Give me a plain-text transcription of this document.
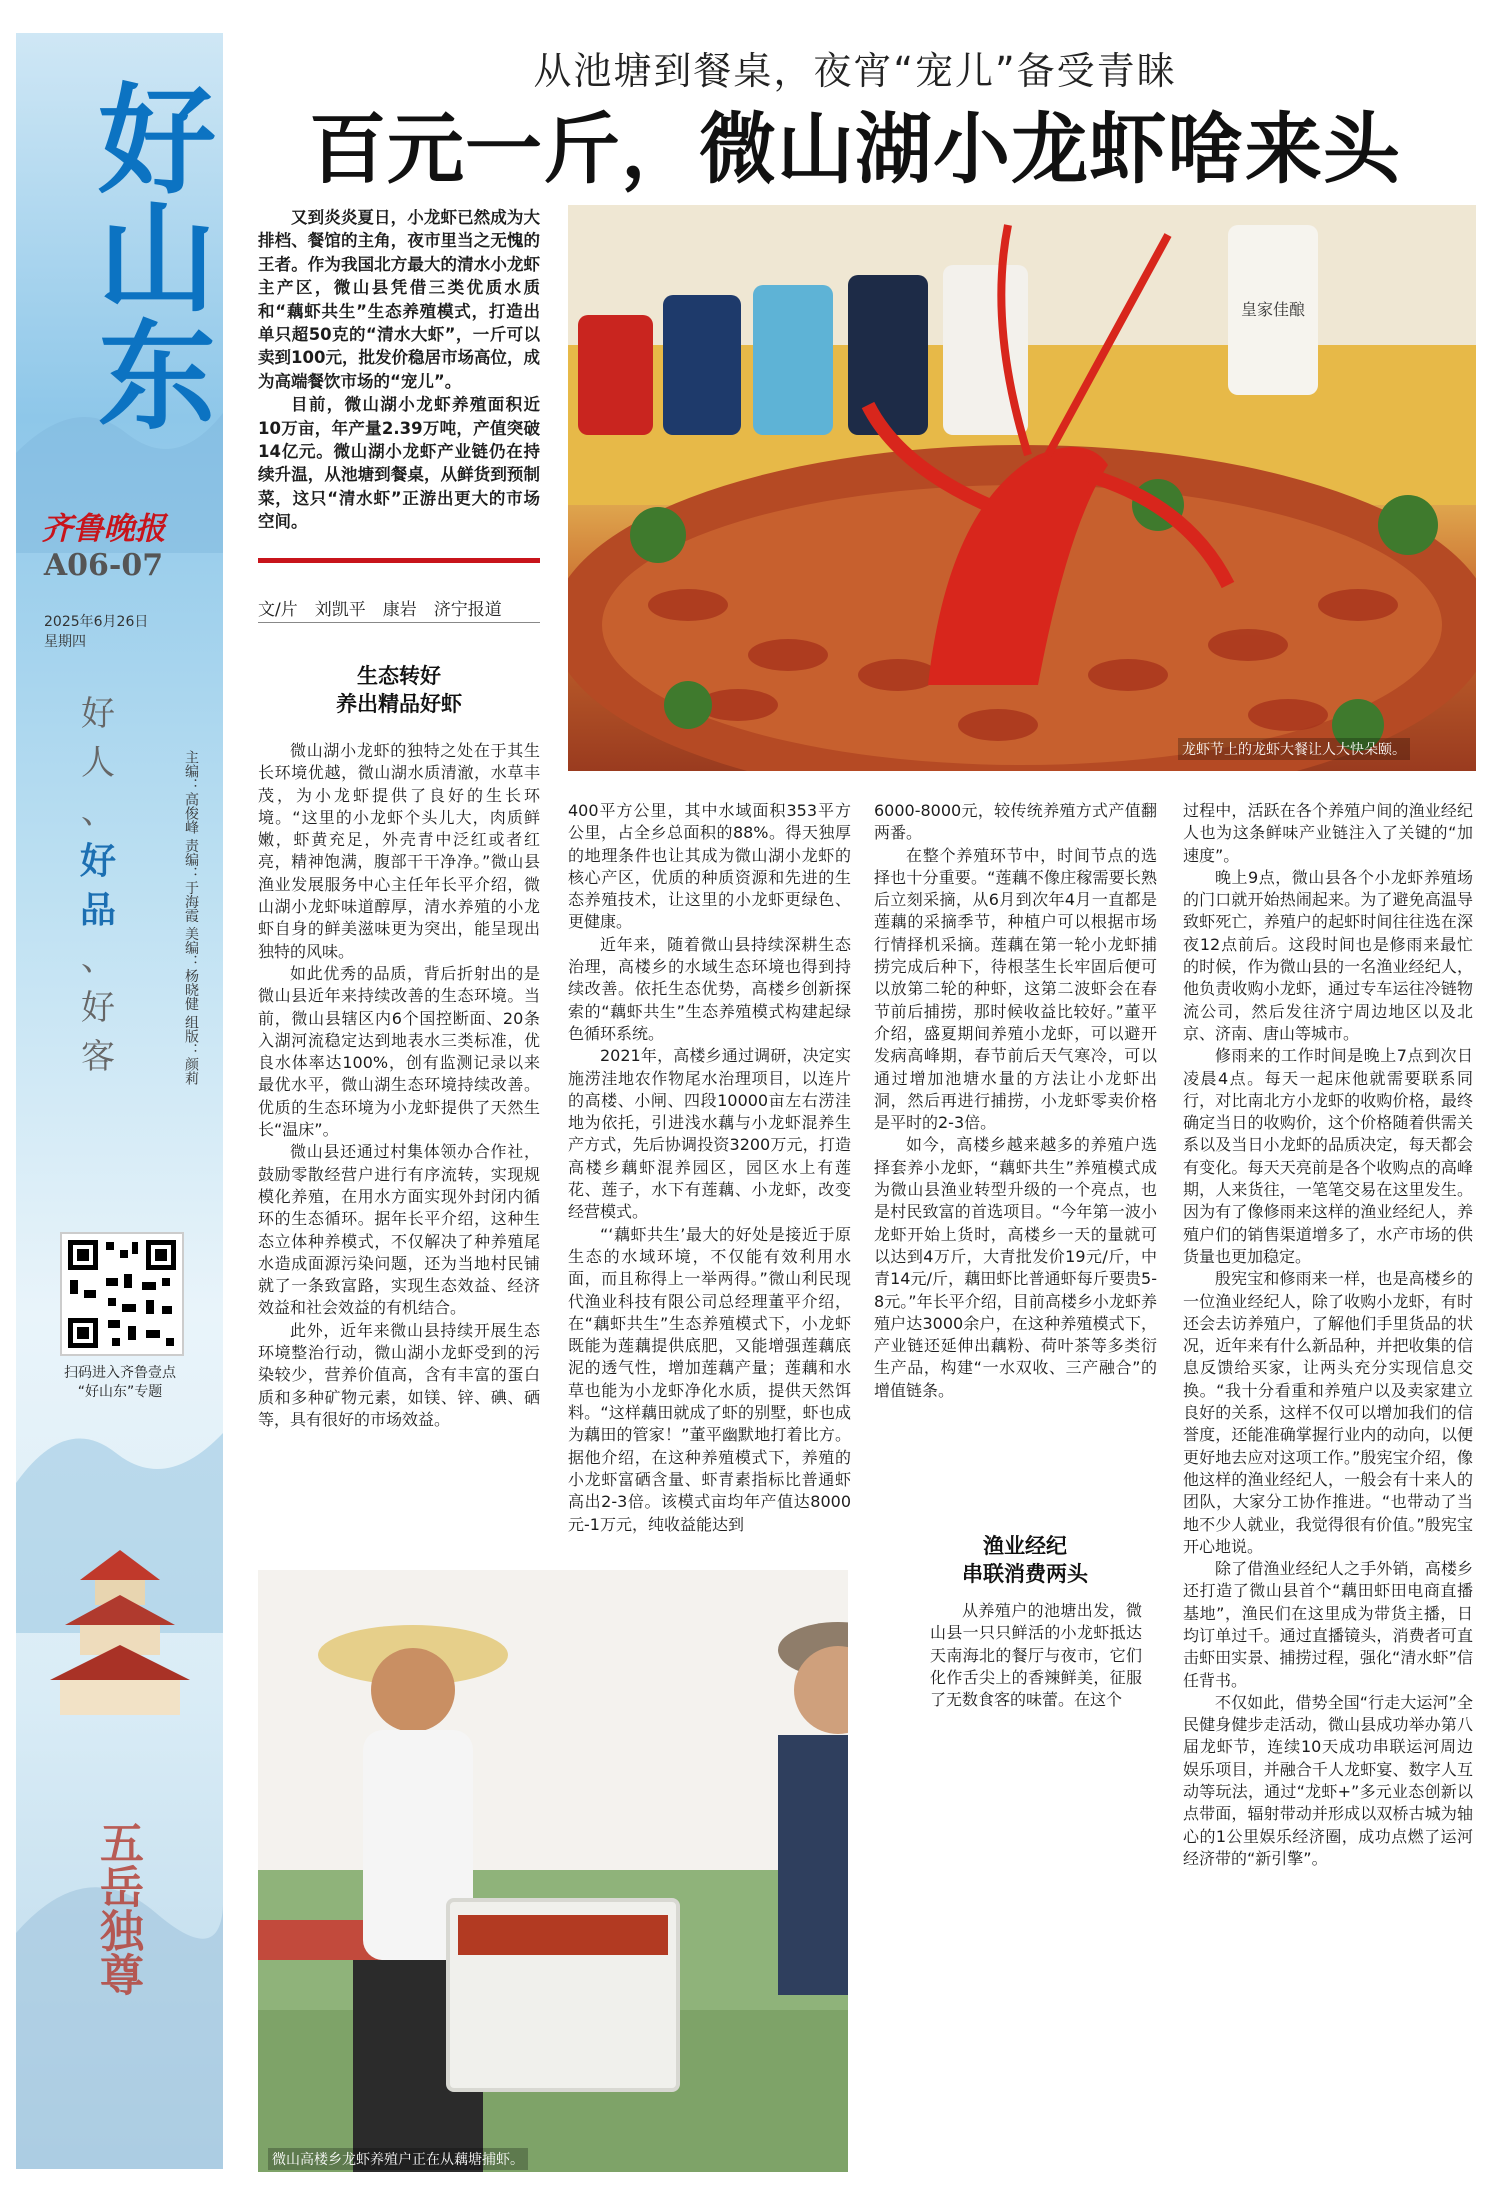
好山东
齐鲁晚报
A06-07
2025年6月26日
星期四
好
人
、
好
品
、
好
客	主编：高俊峰 责编：于海霞 美编：杨晓健 组版：颜莉
扫码进入齐鲁壹点
“好山东”专题
五岳独尊
从池塘到餐桌，夜宵“宠儿”备受青睐
百元一斤，微山湖小龙虾啥来头

又到炎炎夏日，小龙虾已然成为大排档、餐馆的主角，夜市里当之无愧的王者。作为我国北方最大的清水小龙虾主产区，微山县凭借三类优质水质和“藕虾共生”生态养殖模式，打造出单只超50克的“清水大虾”，一斤可以卖到100元，批发价稳居市场高位，成为高端餐饮市场的“宠儿”。

目前，微山湖小龙虾养殖面积近10万亩，年产量2.39万吨，产值突破14亿元。微山湖小龙虾产业链仍在持续升温，从池塘到餐桌，从鲜货到预制菜，这只“清水虾”正游出更大的市场空间。

文/片　刘凯平　康岩　济宁报道
皇家佳酿
龙虾节上的龙虾大餐让人大快朵颐。
生态转好
养出精品好虾

微山湖小龙虾的独特之处在于其生长环境优越，微山湖水质清澈，水草丰茂，为小龙虾提供了良好的生长环境。“这里的小龙虾个头儿大，肉质鲜嫩，虾黄充足，外壳青中泛红或者红亮，精神饱满，腹部干干净净。”微山县渔业发展服务中心主任年长平介绍，微山湖小龙虾味道醇厚，清水养殖的小龙虾自身的鲜美滋味更为突出，能呈现出独特的风味。

如此优秀的品质，背后折射出的是微山县近年来持续改善的生态环境。当前，微山县辖区内6个国控断面、20条入湖河流稳定达到地表水三类标准，优良水体率达100%，创有监测记录以来最优水平，微山湖生态环境持续改善。优质的生态环境为小龙虾提供了天然生长“温床”。

微山县还通过村集体领办合作社，鼓励零散经营户进行有序流转，实现规模化养殖，在用水方面实现外封闭内循环的生态循环。据年长平介绍，这种生态立体种养模式，不仅解决了种养殖尾水造成面源污染问题，还为当地村民铺就了一条致富路，实现生态效益、经济效益和社会效益的有机结合。

此外，近年来微山县持续开展生态环境整治行动，微山湖小龙虾受到的污染较少，营养价值高，含有丰富的蛋白质和多种矿物元素，如镁、锌、碘、硒等，具有很好的市场效益。

400平方公里，其中水域面积353平方公里，占全乡总面积的88%。得天独厚的地理条件也让其成为微山湖小龙虾的核心产区，优质的种质资源和先进的生态养殖技术，让这里的小龙虾更绿色、更健康。

近年来，随着微山县持续深耕生态治理，高楼乡的水域生态环境也得到持续改善。依托生态优势，高楼乡创新探索的“藕虾共生”生态养殖模式构建起绿色循环系统。

2021年，高楼乡通过调研，决定实施涝洼地农作物尾水治理项目，以连片的高楼、小闸、四段10000亩左右涝洼地为依托，引进浅水藕与小龙虾混养生产方式，先后协调投资3200万元，打造高楼乡藕虾混养园区，园区水上有莲花、莲子，水下有莲藕、小龙虾，改变经营模式。

“‘藕虾共生’最大的好处是接近于原生态的水域环境，不仅能有效利用水面，而且称得上一举两得。”微山利民现代渔业科技有限公司总经理董平介绍，在“藕虾共生”生态养殖模式下，小龙虾既能为莲藕提供底肥，又能增强莲藕底泥的透气性，增加莲藕产量；莲藕和水草也能为小龙虾净化水质，提供天然饵料。“这样藕田就成了虾的别墅，虾也成为藕田的管家！”董平幽默地打着比方。据他介绍，在这种养殖模式下，养殖的小龙虾富硒含量、虾青素指标比普通虾高出2-3倍。该模式亩均年产值达8000元-1万元，纯收益能达到

6000-8000元，较传统养殖方式产值翻两番。

在整个养殖环节中，时间节点的选择也十分重要。“莲藕不像庄稼需要长熟后立刻采摘，从6月到次年4月一直都是莲藕的采摘季节，种植户可以根据市场行情择机采摘。莲藕在第一轮小龙虾捕捞完成后种下，待根茎生长牢固后便可以放第二轮的种虾，这第二波虾会在春节前后捕捞，那时候收益比较好。”董平介绍，盛夏期间养殖小龙虾，可以避开发病高峰期，春节前后天气寒冷，可以通过增加池塘水量的方法让小龙虾出洞，然后再进行捕捞，小龙虾零卖价格是平时的2-3倍。

如今，高楼乡越来越多的养殖户选择套养小龙虾，“藕虾共生”养殖模式成为微山县渔业转型升级的一个亮点，也是村民致富的首选项目。“今年第一波小龙虾开始上货时，高楼乡一天的量就可以达到4万斤，大青批发价19元/斤，中青14元/斤，藕田虾比普通虾每斤要贵5-8元。”年长平介绍，目前高楼乡小龙虾养殖户达3000余户，在这种养殖模式下，产业链还延伸出藕粉、荷叶茶等多类衍生产品，构建“一水双收、三产融合”的增值链条。

渔业经纪
串联消费两头

从养殖户的池塘出发，微山县一只只鲜活的小龙虾抵达天南海北的餐厅与夜市，它们化作舌尖上的香辣鲜美，征服了无数食客的味蕾。在这个

过程中，活跃在各个养殖户间的渔业经纪人也为这条鲜味产业链注入了关键的“加速度”。

晚上9点，微山县各个小龙虾养殖场的门口就开始热闹起来。为了避免高温导致虾死亡，养殖户的起虾时间往往选在深夜12点前后。这段时间也是修雨来最忙的时候，作为微山县的一名渔业经纪人，他负责收购小龙虾，通过专车运往冷链物流公司，然后发往济宁周边地区以及北京、济南、唐山等城市。

修雨来的工作时间是晚上7点到次日凌晨4点。每天一起床他就需要联系同行，对比南北方小龙虾的收购价格，最终确定当日的收购价，这个价格随着供需关系以及当日小龙虾的品质决定，每天都会有变化。每天天亮前是各个收购点的高峰期，人来货往，一笔笔交易在这里发生。因为有了像修雨来这样的渔业经纪人，养殖户们的销售渠道增多了，水产市场的供货量也更加稳定。

殷宪宝和修雨来一样，也是高楼乡的一位渔业经纪人，除了收购小龙虾，有时还会去访养殖户，了解他们手里货品的状况，近年来有什么新品种，并把收集的信息反馈给买家，让两头充分实现信息交换。“我十分看重和养殖户以及卖家建立良好的关系，这样不仅可以增加我们的信誉度，还能准确掌握行业内的动向，以便更好地去应对这项工作。”殷宪宝介绍，像他这样的渔业经纪人，一般会有十来人的团队，大家分工协作推进。“也带动了当地不少人就业，我觉得很有价值。”殷宪宝开心地说。

除了借渔业经纪人之手外销，高楼乡还打造了微山县首个“藕田虾田电商直播基地”，渔民们在这里成为带货主播，日均订单过千。通过直播镜头，消费者可直击虾田实景、捕捞过程，强化“清水虾”信任背书。

不仅如此，借势全国“行走大运河”全民健身健步走活动，微山县成功举办第八届龙虾节，连续10天成功串联运河周边娱乐项目，并融合千人龙虾宴、数字人互动等玩法，通过“龙虾+”多元业态创新以点带面，辐射带动并形成以双桥古城为轴心的1公里娱乐经济圈，成功点燃了运河经济带的“新引擎”。

微山高楼乡龙虾养殖户正在从藕塘捕虾。
